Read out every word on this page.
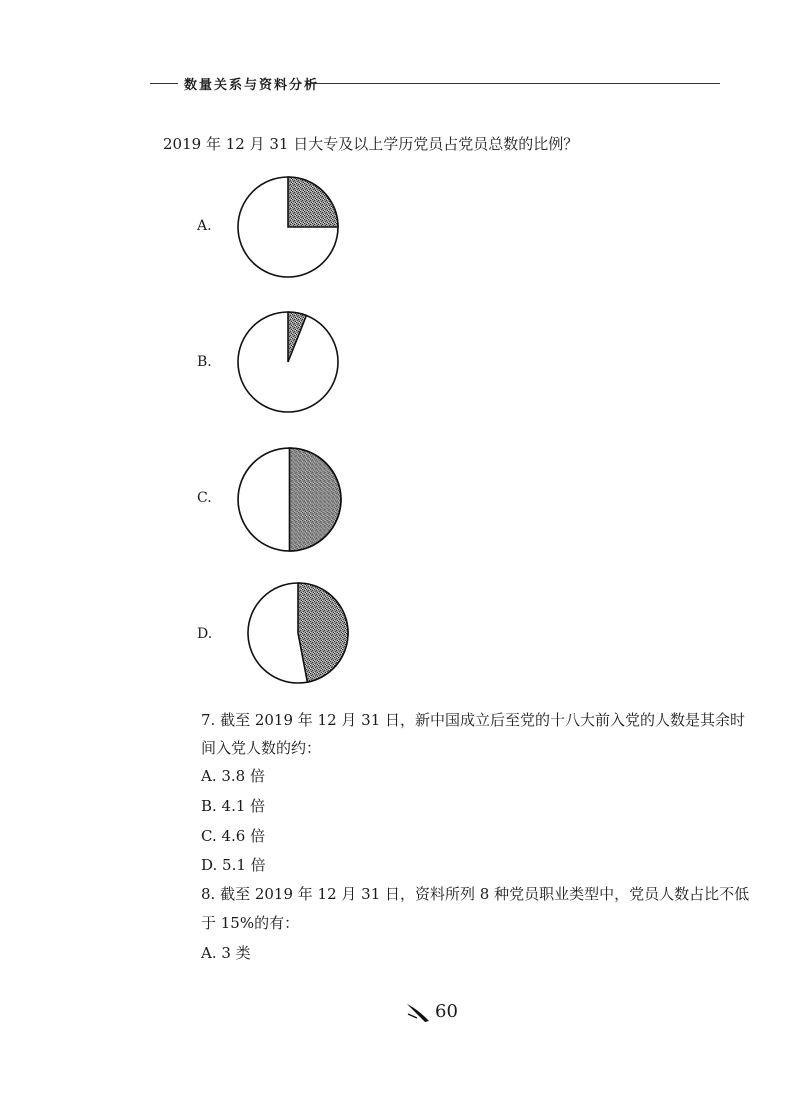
数量关系与资料分析
2019 年 12 月 31 日大专及以上学历党员占党员总数的比例？
A.
B.
C.
D.
7. 截至 2019 年 12 月 31 日，新中国成立后至党的十八大前入党的人数是其余时
间入党人数的约：
A. 3.8 倍
B. 4.1 倍
C. 4.6 倍
D. 5.1 倍
8. 截至 2019 年 12 月 31 日，资料所列 8 种党员职业类型中，党员人数占比不低
于 15%的有：
A. 3 类
60
